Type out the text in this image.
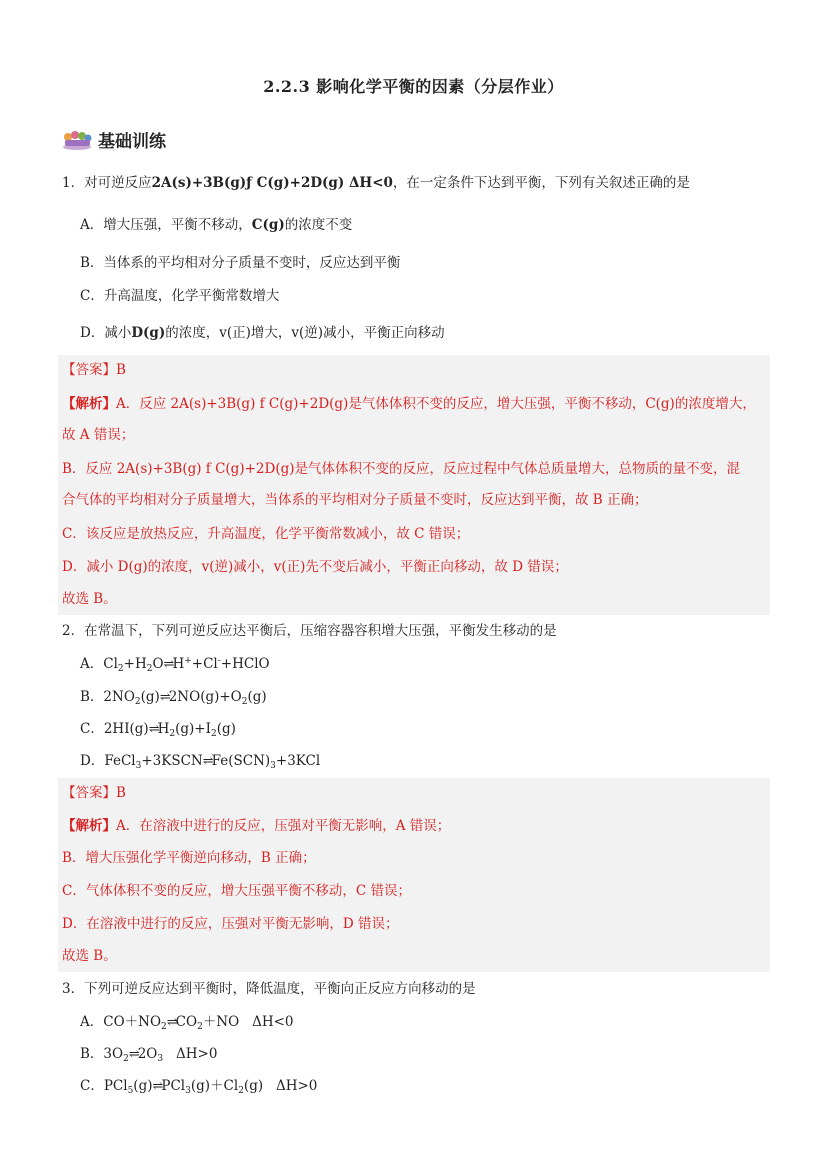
2.2.3 影响化学平衡的因素（分层作业）
基础训练
1．对可逆反应2A(s)+3B(g)ƒ C(g)+2D(g) ΔH<0，在一定条件下达到平衡，下列有关叙述正确的是
A．增大压强，平衡不移动，C(g)的浓度不变
B．当体系的平均相对分子质量不变时，反应达到平衡
C．升高温度，化学平衡常数增大
D．减小D(g)的浓度，v(正)增大，v(逆)减小，平衡正向移动
【答案】B
【解析】A．反应 2A(s)+3B(g) f C(g)+2D(g)是气体体积不变的反应，增大压强，平衡不移动，C(g)的浓度增大，
故 A 错误；
B．反应 2A(s)+3B(g) f C(g)+2D(g)是气体体积不变的反应，反应过程中气体总质量增大，总物质的量不变，混
合气体的平均相对分子质量增大，当体系的平均相对分子质量不变时，反应达到平衡，故 B 正确；
C．该反应是放热反应，升高温度，化学平衡常数减小，故 C 错误；
D．减小 D(g)的浓度，v(逆)减小，v(正)先不变后减小，平衡正向移动，故 D 错误；
故选 B。
2．在常温下，下列可逆反应达平衡后，压缩容器容积增大压强，平衡发生移动的是
A．$Cl_2+H_2O\rightleftharpoons H^++Cl^-+HClO$
B．$2NO_2(g)\rightleftharpoons 2NO(g)+O_2(g)$
C．$2HI(g)\rightleftharpoons H_2(g)+I_2(g)$
D．$FeCl_3+3KSCN\rightleftharpoons Fe(SCN)_3+3KCl$
【答案】B
【解析】A．在溶液中进行的反应，压强对平衡无影响，A 错误；
B．增大压强化学平衡逆向移动，B 正确；
C．气体体积不变的反应，增大压强平衡不移动，C 错误；
D．在溶液中进行的反应，压强对平衡无影响，D 错误；
故选 B。
3．下列可逆反应达到平衡时，降低温度，平衡向正反应方向移动的是
A．$CO+NO_2\rightleftharpoons CO_2+NO$   ΔH<0
B．$3O_2\rightleftharpoons 2O_3$   ΔH>0
C．$PCl_5(g)\rightleftharpoons PCl_3(g)+Cl_2(g)$   ΔH>0
